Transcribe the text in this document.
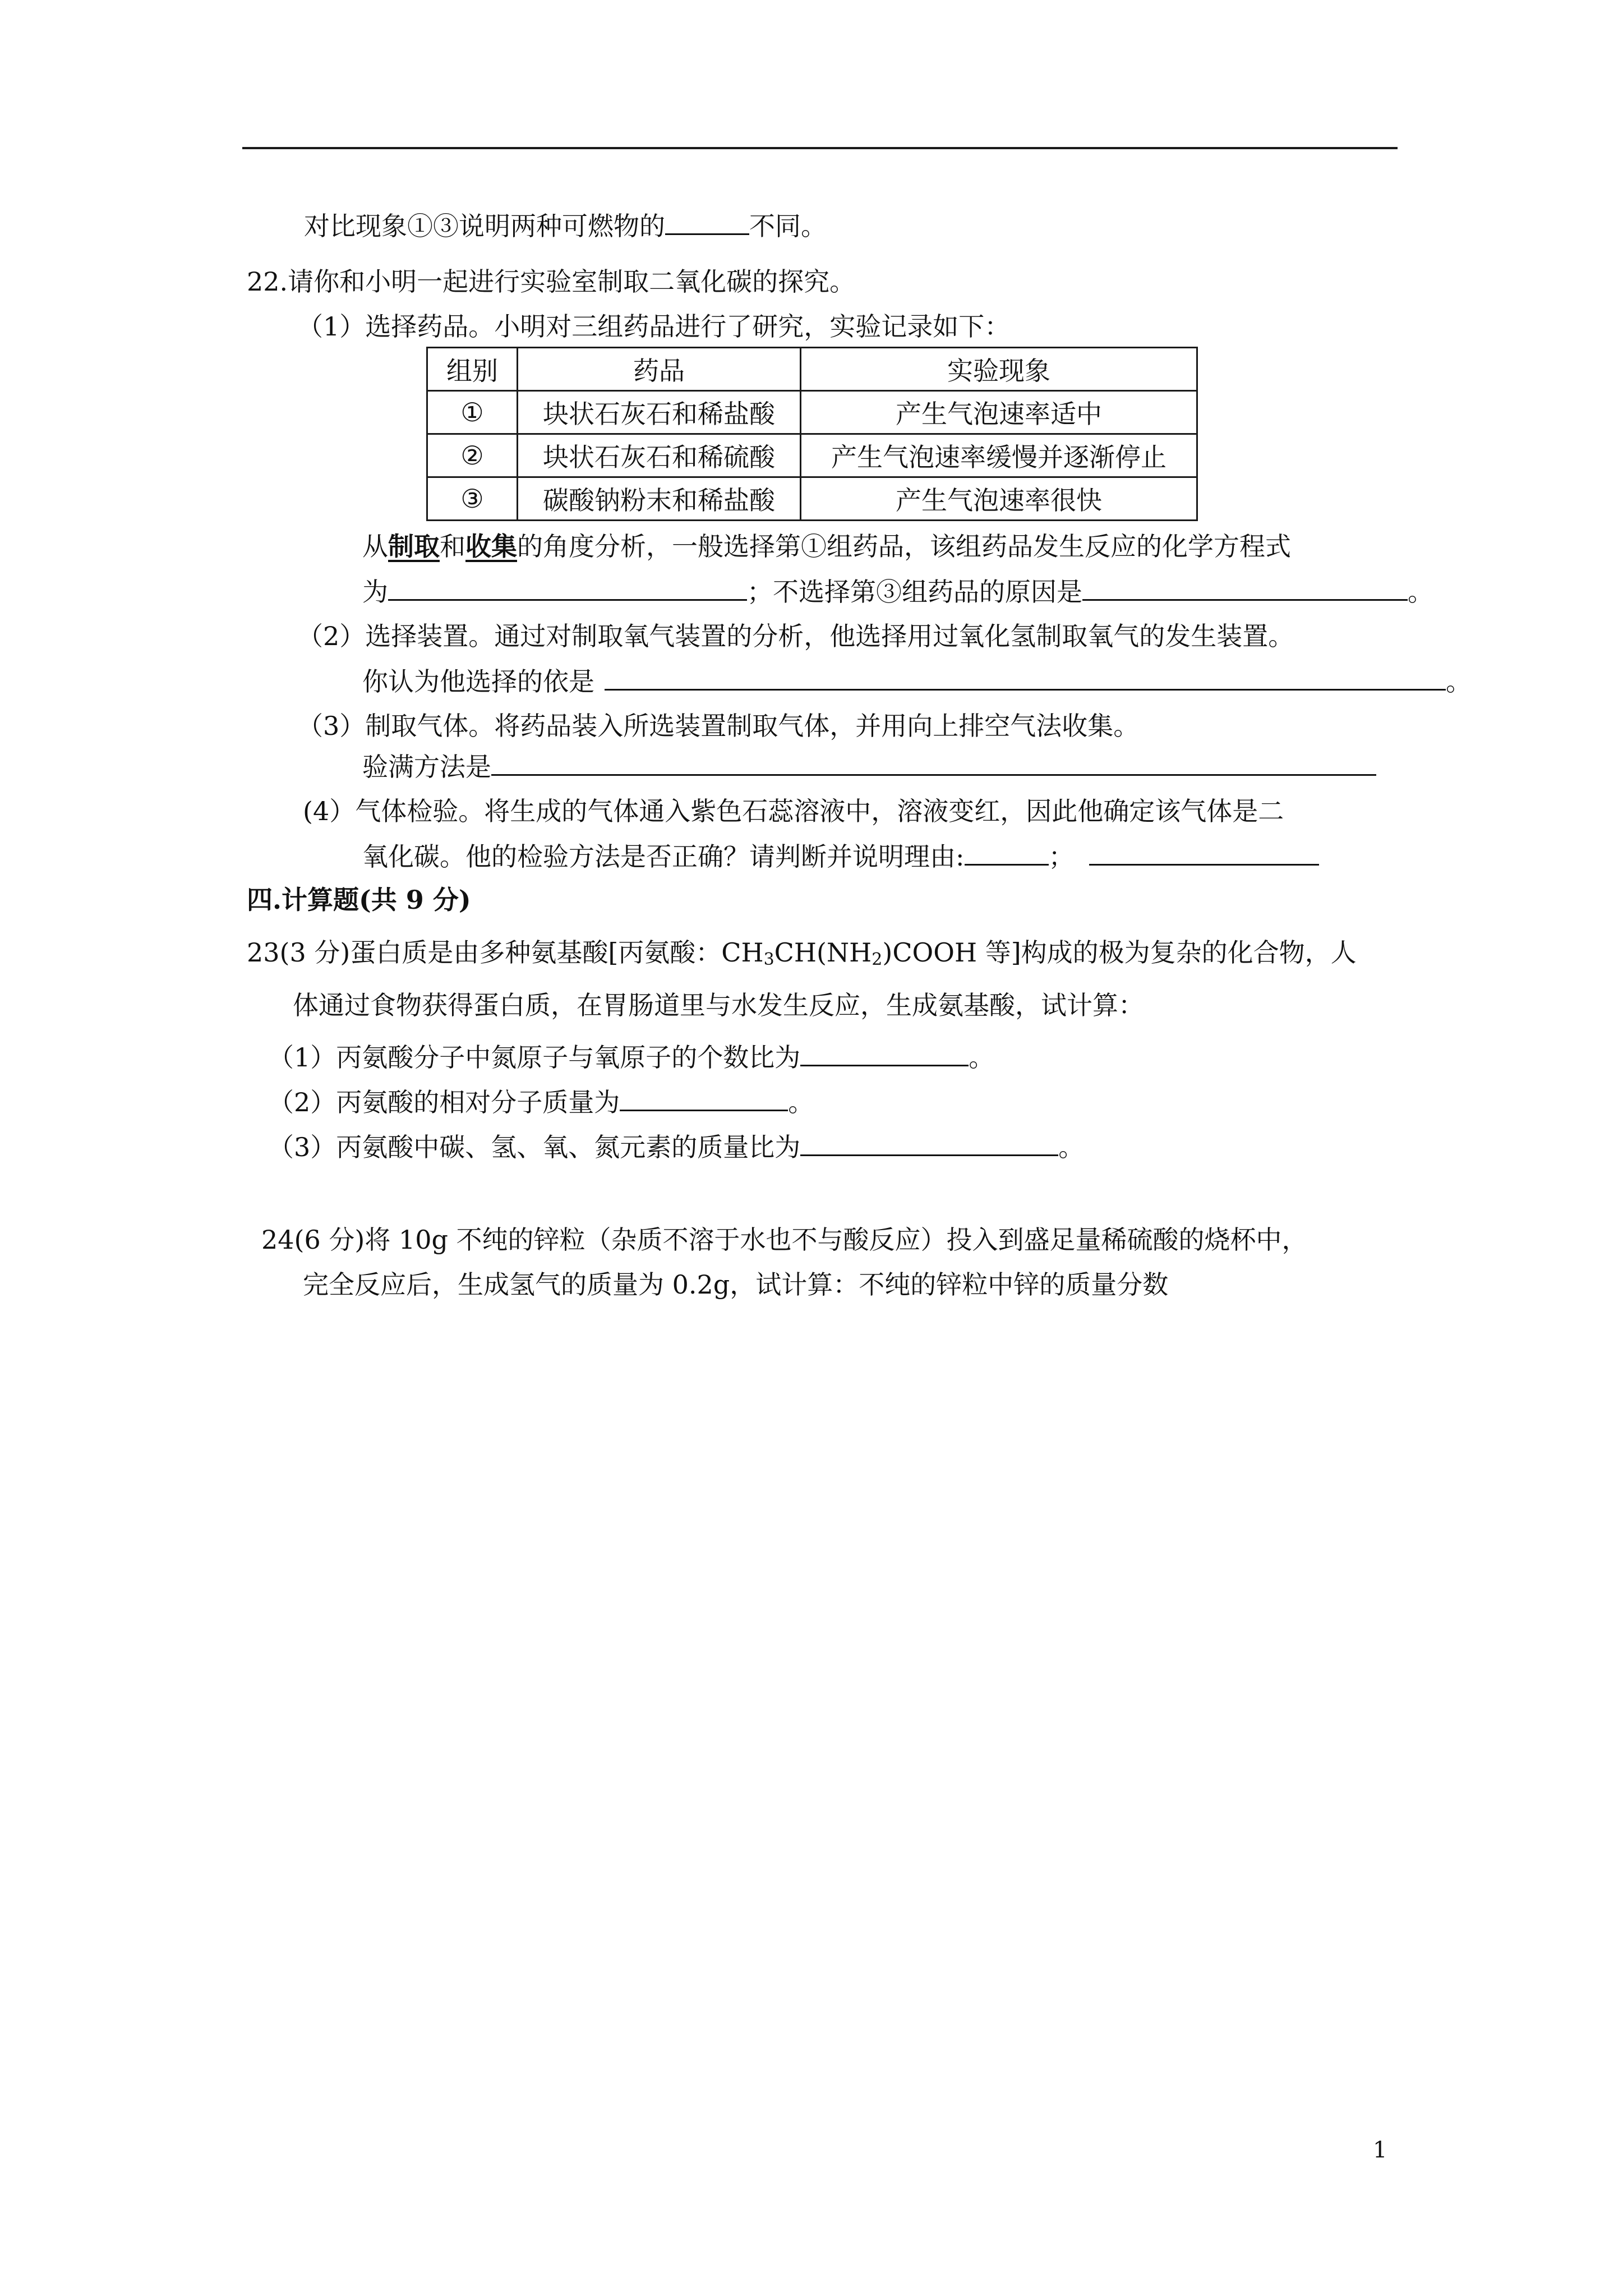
对比现象①③说明两种可燃物的	不同。
22.请你和小明一起进行实验室制取二氧化碳的探究。
（1）选择药品。小明对三组药品进行了研究，实验记录如下：
组别	药品	实验现象
①	块状石灰石和稀盐酸	产生气泡速率适中
②	块状石灰石和稀硫酸	产生气泡速率缓慢并逐渐停止
③	碳酸钠粉末和稀盐酸	产生气泡速率很快
从制取和收集的角度分析，一般选择第①组药品，该组药品发生反应的化学方程式
为	；不选择第③组药品的原因是	。
（2）选择装置。通过对制取氧气装置的分析，他选择用过氧化氢制取氧气的发生装置。
你认为他选择的依是	。
（3）制取气体。将药品装入所选装置制取气体，并用向上排空气法收集。
验满方法是
(4）气体检验。将生成的气体通入紫色石蕊溶液中，溶液变红，因此他确定该气体是二
氧化碳。他的检验方法是否正确？请判断并说明理由:	；
四.计算题(共 9 分)
23(3 分)蛋白质是由多种氨基酸[丙氨酸：$CH_3CH(NH_2)COOH$ 等]构成的极为复杂的化合物，人
体通过食物获得蛋白质，在胃肠道里与水发生反应，生成氨基酸，试计算：
（1）丙氨酸分子中氮原子与氧原子的个数比为	。
（2）丙氨酸的相对分子质量为	。
（3）丙氨酸中碳、氢、氧、氮元素的质量比为	。
24(6 分)将 10g 不纯的锌粒（杂质不溶于水也不与酸反应）投入到盛足量稀硫酸的烧杯中，
完全反应后，生成氢气的质量为 0.2g，试计算：不纯的锌粒中锌的质量分数
1
